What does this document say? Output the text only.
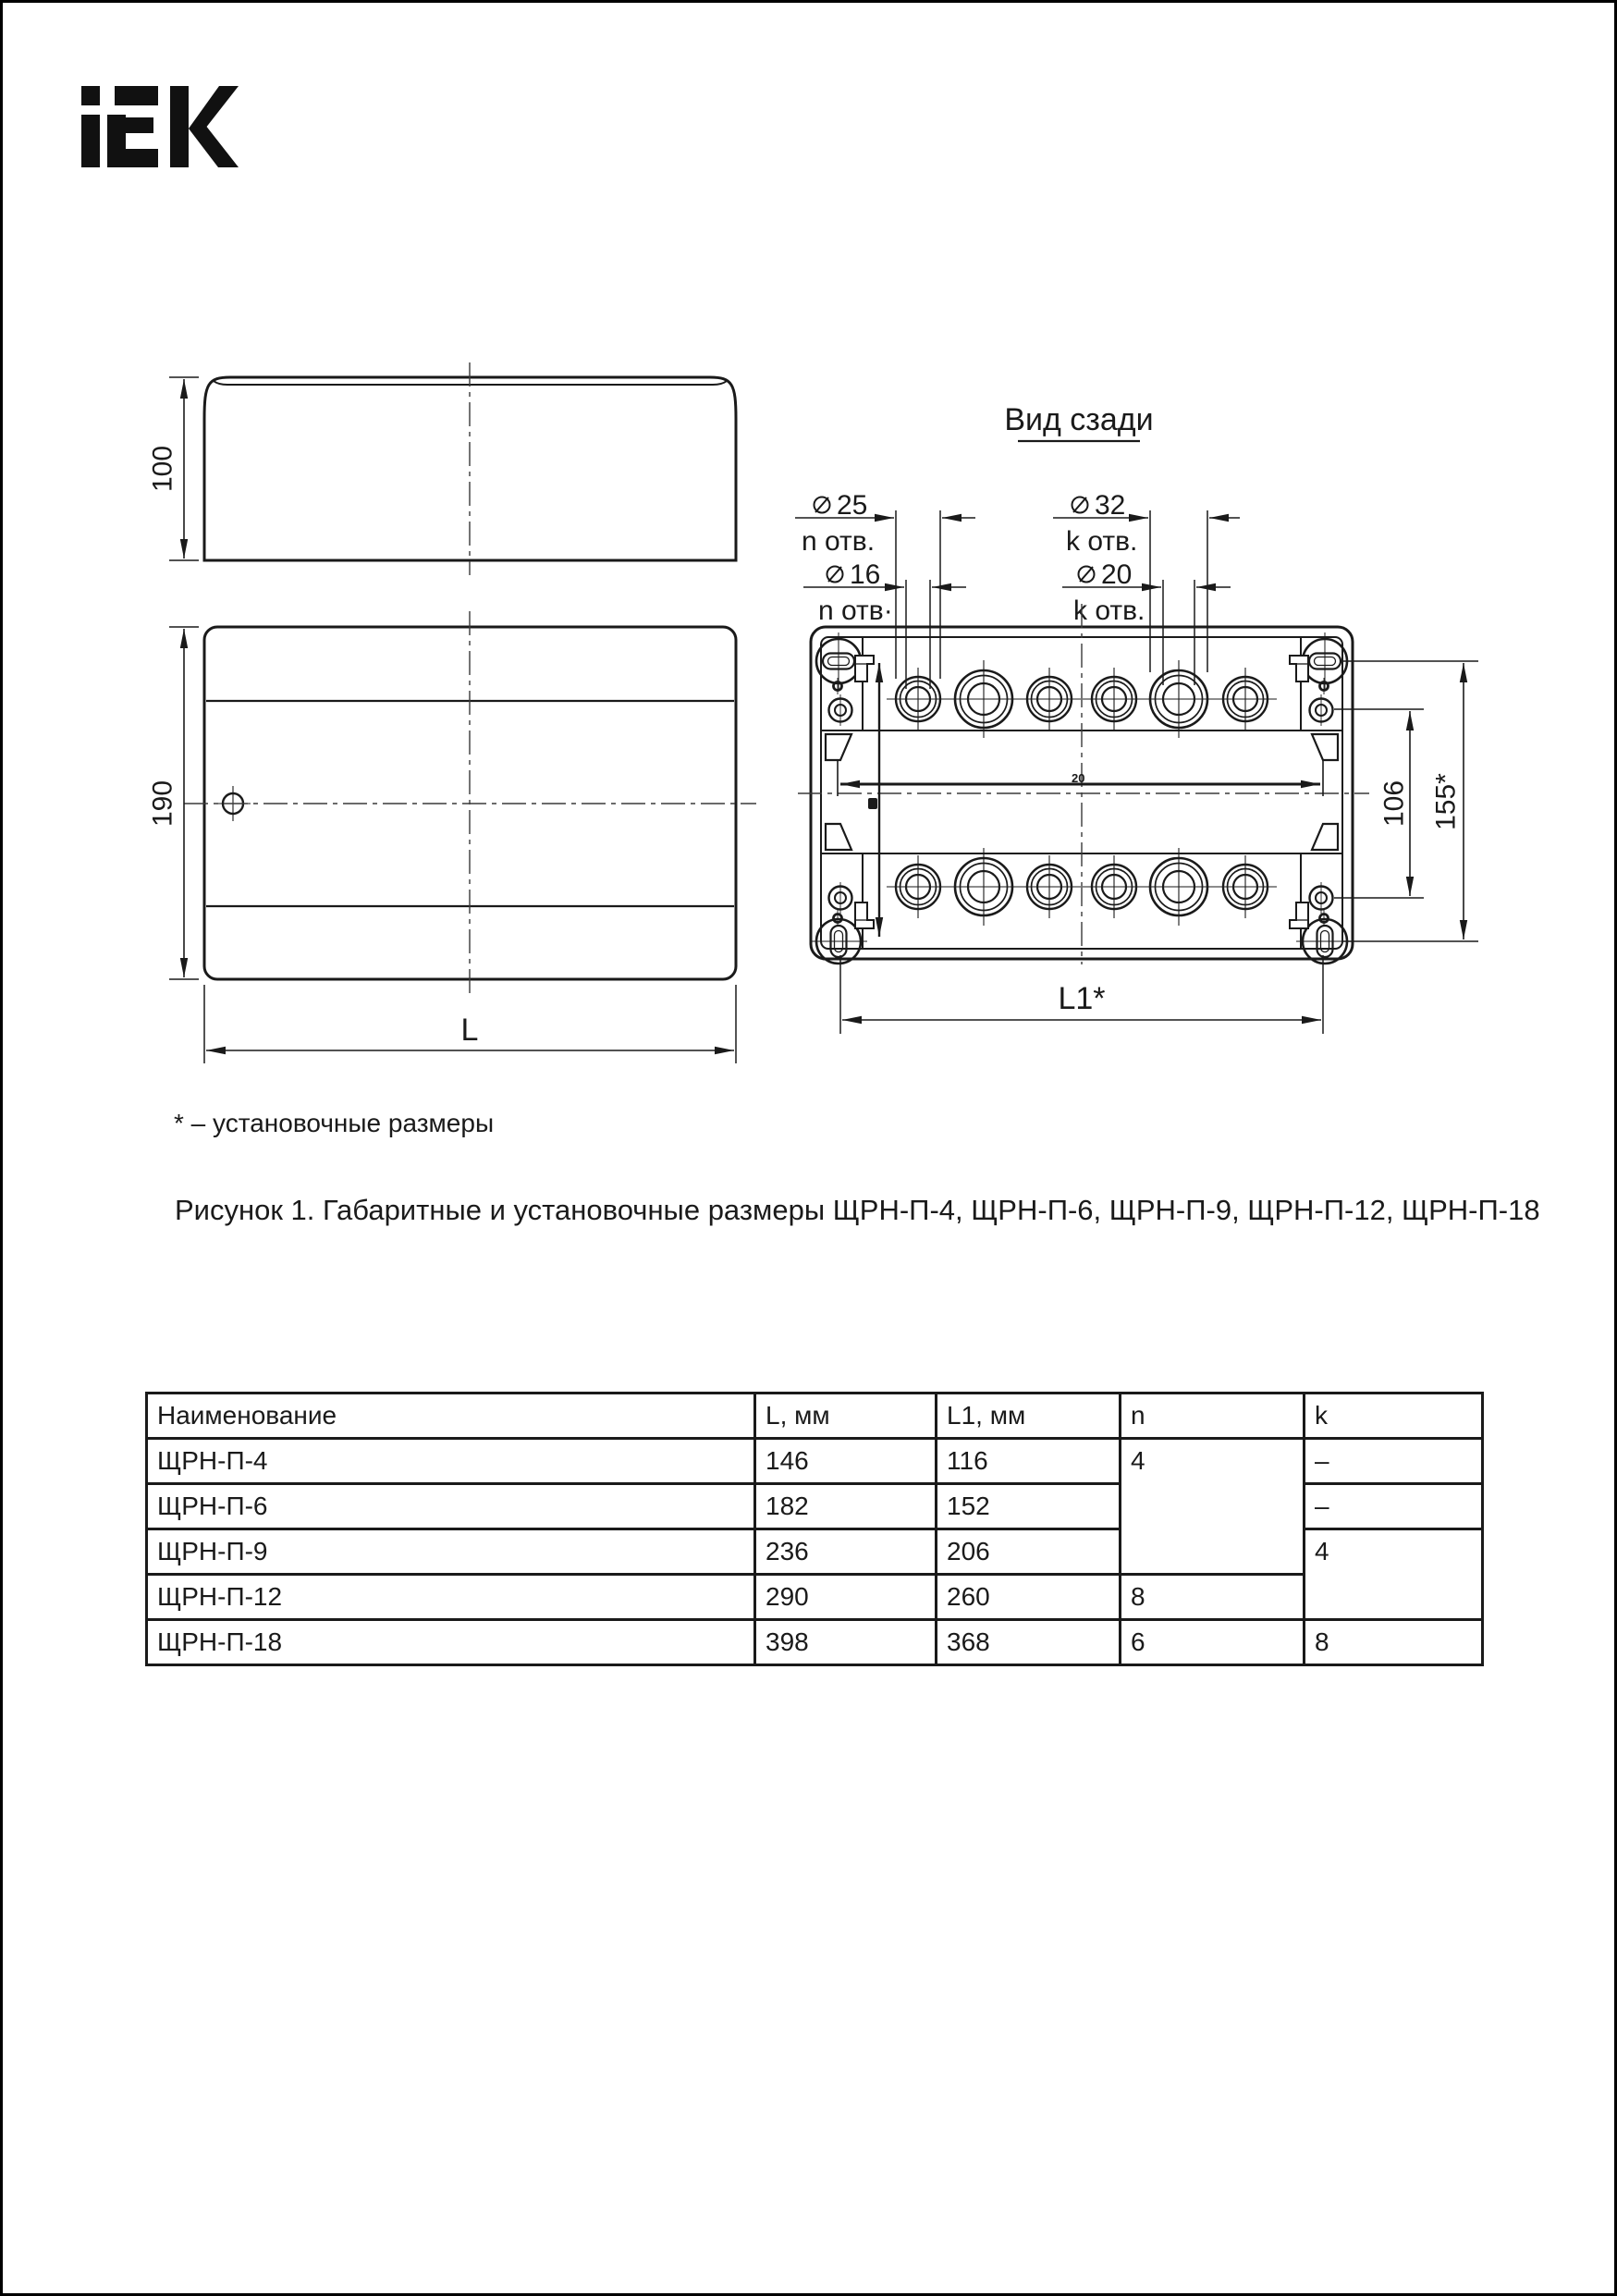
100
190
L
Вид сзади
25
n отв.
16
n отв·
32
k отв.
20
k отв.
20
106 155*
L1*
* – установочные размеры
Рисунок 1. Габаритные и установочные размеры ЩРН-П-4, ЩРН-П-6, ЩРН-П-9, ЩРН-П-12, ЩРН-П-18
Наименование	L, мм	L1, мм	n	k
ЩРН-П-4	146	116	4	–
ЩРН-П-6	182	152		–
ЩРН-П-9	236	206		4
ЩРН-П-12	290	260	8	
ЩРН-П-18	398	368	6	8
